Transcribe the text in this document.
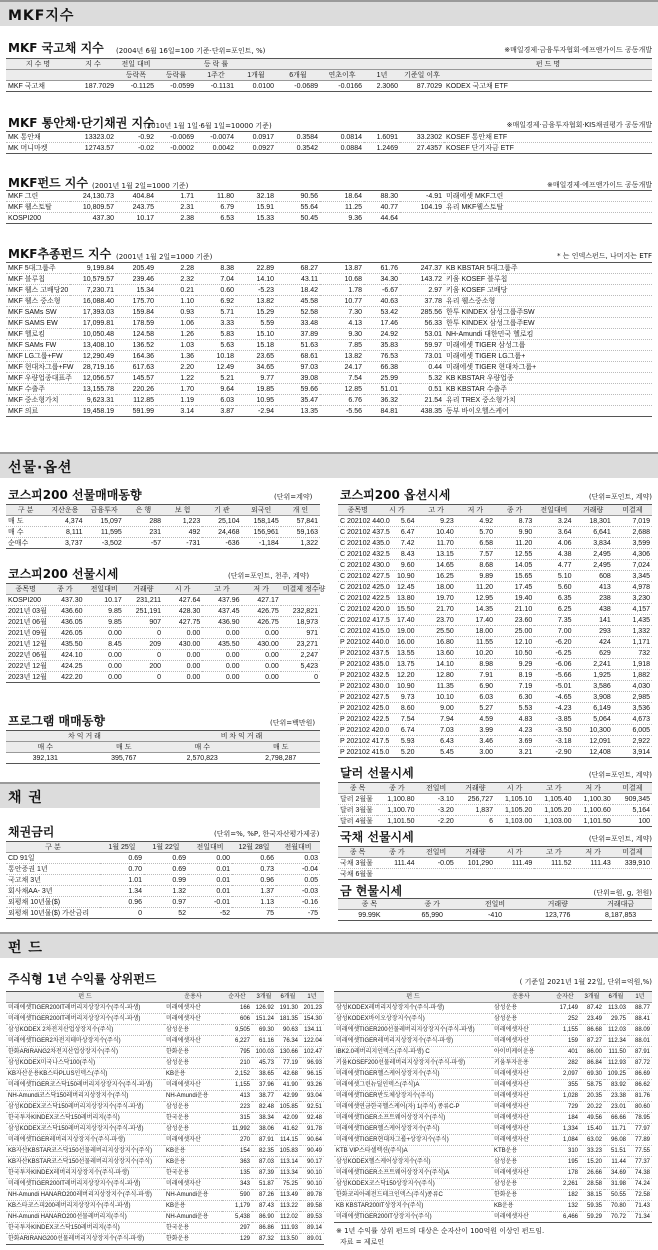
MKF지수
MKF 국고채 지수 (2004년 6월 16일=100 기준·단위=포인트, %)	※매일경제·금융투자협회·에프앤가이드 공동개발
지 수 명	지 수	전일 대비		등 락 률						펀 드 명
		등락폭	등락률	1주간	1개월	6개월	연초이후	1년	기준일 이후	
MKF 국고채	187.7029	-0.1125	-0.0599	-0.1131	0.0100	-0.0689	-0.0166	2.3060	87.7029	KODEX 국고채 ETF
MKF 통안채·단기채권 지수
(2010년 1월 1일·6월 1일=10000 기준)	※매일경제·금융투자협회·KIS채권평가 공동개발
MK 통안채	13323.02	-0.92	-0.0069	-0.0074	0.0917	0.3584	0.0814	1.6091	33.2302	KOSEF 통안채 ETF
MK 머니마켓	12743.57	-0.02	-0.0002	0.0042	0.0927	0.3542	0.0884	1.2469	27.4357	KOSEF 단기자금 ETF
MKF펀드 지수 (2001년 1월 2일=1000 기준)	※매일경제·에프앤가이드 공동개발
MKF 그린	24,130.73	404.84	1.71	11.80	32.18	90.56	18.64	88.30	-4.91	미래에셋 MKF그린
MKF 웰스토탈	10,809.57	243.75	2.31	6.79	15.91	55.64	11.25	40.77	104.19	유리 MKF웰스토탈
KOSPI200	437.30	10.17	2.38	6.53	15.33	50.45	9.36	44.64		
MKF추종펀드 지수 (2001년 1월 2일=1000 기준)	* 는 인덱스펀드, 나머지는 ETF
MKF 5대그룹주	9,199.84	205.49	2.28	8.38	22.89	68.27	13.87	61.76	247.37	KB KBSTAR 5대그룹주
MKF 블루칩	10,579.57	239.46	2.32	7.04	14.10	43.11	10.68	34.30	143.72	키움 KOSEF 블루칩
MKF 웰스 고배당20	7,230.71	15.34	0.21	0.60	-5.23	18.42	1.78	-6.67	2.97	키움 KOSEF 고배당
MKF 웰스 중소형	16,088.40	175.70	1.10	6.92	13.82	45.58	10.77	40.63	37.78	유리 웰스중소형
MKF SAMs SW	17,393.03	159.84	0.93	5.71	15.29	52.58	7.30	53.42	285.56	한투 KINDEX 삼성그룹주SW
MKF SAMS EW	17,099.81	178.59	1.06	3.33	5.59	33.48	4.13	17.46	56.33	한투 KINDEX 삼성그룹주EW
MKF 헬로킴	10,050.48	124.58	1.26	5.83	15.10	37.89	9.30	24.92	53.01	NH-Amundi 대한민국 헬로킴
MKF SAMs FW	13,408.10	136.52	1.03	5.63	15.18	51.63	7.85	35.83	59.97	미래에셋 TIGER 삼성그룹
MKF LG그룹+FW	12,290.49	164.36	1.36	10.18	23.65	68.61	13.82	76.53	73.01	미래에셋 TIGER LG그룹+
MKF 현대차그룹+FW	28,719.16	617.63	2.20	12.49	34.65	97.03	24.17	66.38	0.44	미래에셋 TIGER 현대차그룹+
MKF 우량업종대표주	12,056.57	145.57	1.22	5.21	9.77	39.08	7.54	25.99	5.32	KB KBSTAR 우량업종
MKF 수출주	13,155.78	220.26	1.70	9.64	19.85	59.66	12.85	51.01	0.51	KB KBSTAR 수출주
MKF 중소형가치	9,623.31	112.85	1.19	6.03	10.95	35.47	6.76	36.32	21.54	유리 TREX 중소형가치
MKF 의료	19,458.19	591.99	3.14	3.87	-2.94	13.35	-5.56	84.81	438.35	동부 바이오헬스케어
선물·옵션
코스피200 선물매매동향	(단위=계약)
구 분	지산운용	금융투자	은 행	보 험	기 관	외국인	개 인
매 도	4,374	15,097	288	1,223	25,104	158,145	57,841
매 수	8,111	11,595	231	492	24,468	156,961	59,163
순매수	3,737	-3,502	-57	-731	-636	-1,184	1,322
코스피200 선물시세	(단위=포인트, 천주, 계약)
종목명	종 가	전일대비	거래량	시 가	고 가	저 가	미결제 정수량
KOSPI200	437.30	10.17	231,211	427.64	437.96	427.17	
2021년 03월	436.60	9.85	251,191	428.30	437.45	426.75	232,821
2021년 06월	436.05	9.85	907	427.75	436.90	426.75	18,973
2021년 09월	426.05	0.00	0	0.00	0.00	0.00	971
2021년 12월	435.50	8.45	209	430.00	435.50	430.00	23,271
2022년 06월	424.10	0.00	0	0.00	0.00	0.00	2,247
2022년 12월	424.25	0.00	200	0.00	0.00	0.00	5,423
2023년 12월	422.20	0.00	0	0.00	0.00	0.00	0
프로그램 매매동향	(단위=백만원)
차 익 거 래		비 차 익 거 래	
매 수	매 도	매 수	매 도
392,131	395,767	2,570,823	2,798,287
코스피200 옵션시세	(단위=포인트, 계약)
종목명	시 가	고 가	저 가	종 가	전일대비	거래량	미결제
C 202102 440.0	5.64	9.23	4.92	8.73	3.24	18,301	7,019
C 202102 437.5	6.47	10.40	5.70	9.90	3.64	6,641	2,688
C 202102 435.0	7.42	11.70	6.58	11.20	4.06	3,834	3,599
C 202102 432.5	8.43	13.15	7.57	12.55	4.38	2,495	4,306
C 202102 430.0	9.60	14.65	8.68	14.05	4.77	2,495	7,024
C 202102 427.5	10.90	16.25	9.89	15.65	5.10	608	3,345
C 202102 425.0	12.45	18.00	11.20	17.45	5.60	413	4,978
C 202102 422.5	13.80	19.70	12.95	19.40	6.35	238	3,230
C 202102 420.0	15.50	21.70	14.35	21.10	6.25	438	4,157
C 202102 417.5	17.40	23.70	17.40	23.60	7.35	141	1,435
C 202102 415.0	19.00	25.50	18.00	25.00	7.00	293	1,332
P 202102 440.0	16.00	16.80	11.55	12.10	-6.20	424	1,171
P 202102 437.5	13.55	13.60	10.20	10.50	-6.25	629	732
P 202102 435.0	13.75	14.10	8.98	9.29	-6.06	2,241	1,918
P 202102 432.5	12.20	12.80	7.91	8.19	-5.66	1,925	1,882
P 202102 430.0	10.90	11.35	6.90	7.19	-5.01	3,586	4,030
P 202102 427.5	9.73	10.10	6.03	6.30	-4.65	3,908	2,985
P 202102 425.0	8.60	9.00	5.27	5.53	-4.23	6,149	3,536
P 202102 422.5	7.54	7.94	4.59	4.83	-3.85	5,064	4,673
P 202102 420.0	6.74	7.03	3.99	4.23	-3.50	10,300	6,005
P 202102 417.5	5.93	6.43	3.46	3.69	-3.18	12,091	2,922
P 202102 415.0	5.20	5.45	3.00	3.21	-2.90	12,408	3,914
달러 선물시세	(단위=포인트, 계약)
종 목	종 가	전일비	거래량	시 가	고 가	저 가	미결제
달러 2월물	1,100.80	-3.10	256,727	1,105.10	1,105.40	1,100.30	909,345
달러 3월물	1,100.70	-3.20	1,837	1,105.20	1,105.20	1,100.60	5,164
달러 4월물	1,101.50	-2.20	6	1,103.00	1,103.00	1,101.50	100
국채 선물시세	(단위=포인트, 계약)
종 목	종 가	전일비	거래량	시 가	고 가	저 가	미결제
국채 3월물	111.44	-0.05	101,290	111.49	111.52	111.43	339,910
국채 6월물							
금 현물시세	(단위=원, g, 천원)
종 목	종 가	전일비	거래량	거래대금
99.99K	65,990	-410	123,776	8,187,853
채 권
채권금리	(단위=%, %P, 한국자산평가제공)
구 분	1월 25일	1월 22일	전일대비	12월 28일	전월대비
CD 91일	0.69	0.69	0.00	0.66	0.03
통안증권 1년	0.70	0.69	0.01	0.73	-0.04
국고채 3년	1.01	0.99	0.01	0.96	0.05
회사채AA- 3년	1.34	1.32	0.01	1.37	-0.03
외평채 10년물($)	0.96	0.97	-0.01	1.13	-0.16
외평채 10년물($) 가산금리	0	52	-52	75	-75
펀 드
주식형 1년 수익률 상위펀드	( 기준일 2021년 1월 22일, 단위=억원,%)
펀 드	운용사	순자산	3개월	6개월	1년
미래에셋TIGER200IT레버리지상장지수(주식-파생)	미래에셋자산	166	126.92	191.30	201.23
미래에셋TIGER200IT레버리지상장지수(주식-파생)	미래에셋자산	606	151.24	181.35	154.30
삼성KODEX 2차전지산업상장지수(주식)	삼성운용	9,505	69.30	90.63	134.11
미래에셋TIGER2차전지테마상장지수(주식)	미래에셋자산	6,227	61.16	76.34	122.04
한화ARIRANG2차전지산업상장지수(주식)	한화운용	795	100.03	130.66	102.47
삼성KODEX미국나스닥100(주식)	삼성운용	210	45.73	77.19	96.93
KB자산운용KB스타PLUS인덱스(주식)	KB운용	2,152	38.65	42.68	96.15
미래에셋TIGER코스닥150레버리지상장지수(주식-파생)	미래에셋자산	1,155	37.96	41.90	93.26
NH-Amundi코스닥150레버리지상장지수(주식)	NH-Amundi운용	413	38.77	42.99	93.04
삼성KODEX코스닥150레버리지상장지수(주식-파생)	삼성운용	223	82.48	105.85	92.51
한국투자KINDEX코스닥150레버리지(주식)	한국운용	315	38.34	42.09	92.48
삼성KODEX코스닥150레버리지상장지수(주식-파생)	삼성운용	11,992	38.06	41.62	91.78
미래에셋TIGER레버리지상장지수(주식-파생)	미래에셋자산	270	87.91	114.15	90.64
KB자산KBSTAR코스닥150선물레버리지상장지수(주식)	KB운용	154	82.35	105.83	90.49
KB자산KBSTAR코스닥150선물레버리지상장지수(주식)	KB운용	363	87.03	113.14	90.17
한국투자KINDEX레버리지상장지수(주식-파생)	한국운용	135	87.39	113.34	90.10
미래에셋TIGER200IT레버리지상장지수(주식-파생)	미래에셋자산	343	51.87	75.25	90.10
NH-Amundi HANARO200레버리지상장지수(주식-파생)	NH-Amundi운용	590	87.26	113.49	89.78
KB스타코스피200레버리지상장지수(주식-파생)	KB운용	1,179	87.43	113.22	89.58
NH-Amundi HANARO200선물레버리지(주식)	NH-Amundi운용	5,438	86.90	112.02	89.53
한국투자KINDEX코스닥150레버리지(주식)	한국운용	297	86.86	111.93	89.14
한화ARIRANG200선물레버리지상장지수(주식-파생)	한화운용	129	87.32	113.50	89.01
펀 드	운용사	순자산	3개월	6개월	1년
삼성KODEX레버리지상장지수(주식-파생)	삼성운용	17,149	87.42	113.03	88.77
삼성KODEX바이오상장지수(주식)	삼성운용	252	23.49	29.75	88.41
미래에셋TIGER200선물레버리지상장지수(주식-파생)	미래에셋자산	1,155	86.68	112.03	88.09
미래에셋TIGER레버리지상장지수(주식-파생)	미래에셋자산	159	87.27	112.34	88.01
IBK2.0레버리지인덱스(주식-파생) C	아이비케이운용	401	86.00	111.50	87.91
키움KOSEF200선물레버리지상장지수(주식-파생)	키움투자운용	282	86.84	112.93	87.72
미래에셋TIGER헬스케어상장지수(주식)	미래에셋자산	2,097	69.30	109.25	86.69
미래에셋그린뉴딜인덱스(주식)A	미래에셋자산	355	58.75	83.92	86.62
미래에셋TIGER반도체상장지수(주식)	미래에셋자산	1,028	20.35	23.38	81.76
미래에셋연금한국헬스케어(자) 1(주식) 종류C-P	미래에셋자산	729	20.22	23.01	80.60
미래에셋TIGER소프트웨어상장지수(주식)	미래에셋자산	184	49.56	66.66	78.95
미래에셋TIGER헬스케어상장지수(주식)	미래에셋자산	1,334	15.40	11.71	77.97
미래에셋TIGER현대차그룹+상장지수(주식)	미래에셋자산	1,084	63.02	96.08	77.89
KTB VIP스타셀렉션(주식)A	KTB운용	310	33.23	51.51	77.55
삼성KODEX헬스케어상장지수(주식)	삼성운용	195	15.20	11.44	77.37
미래에셋TIGER소프트웨어상장지수(주식)A	미래에셋자산	178	26.66	34.69	74.38
삼성KODEX코스닥150상장지수(주식)	삼성운용	2,261	28.58	31.98	74.24
한화코리아레전드테크인덱스(주식)종류C	한화운용	182	38.15	50.55	72.58
KB KBSTAR200IT상장지수(주식)	KB운용	132	59.35	70.80	71.43
미래에셋TIGER200IT상장지수(주식)	미래에셋자산	6,466	59.29	70.72	71.34
※ 1년 수익률 상위 펀드의 대상은 순자산이 100억원 이상인 펀드임.
자료 = 제로인
